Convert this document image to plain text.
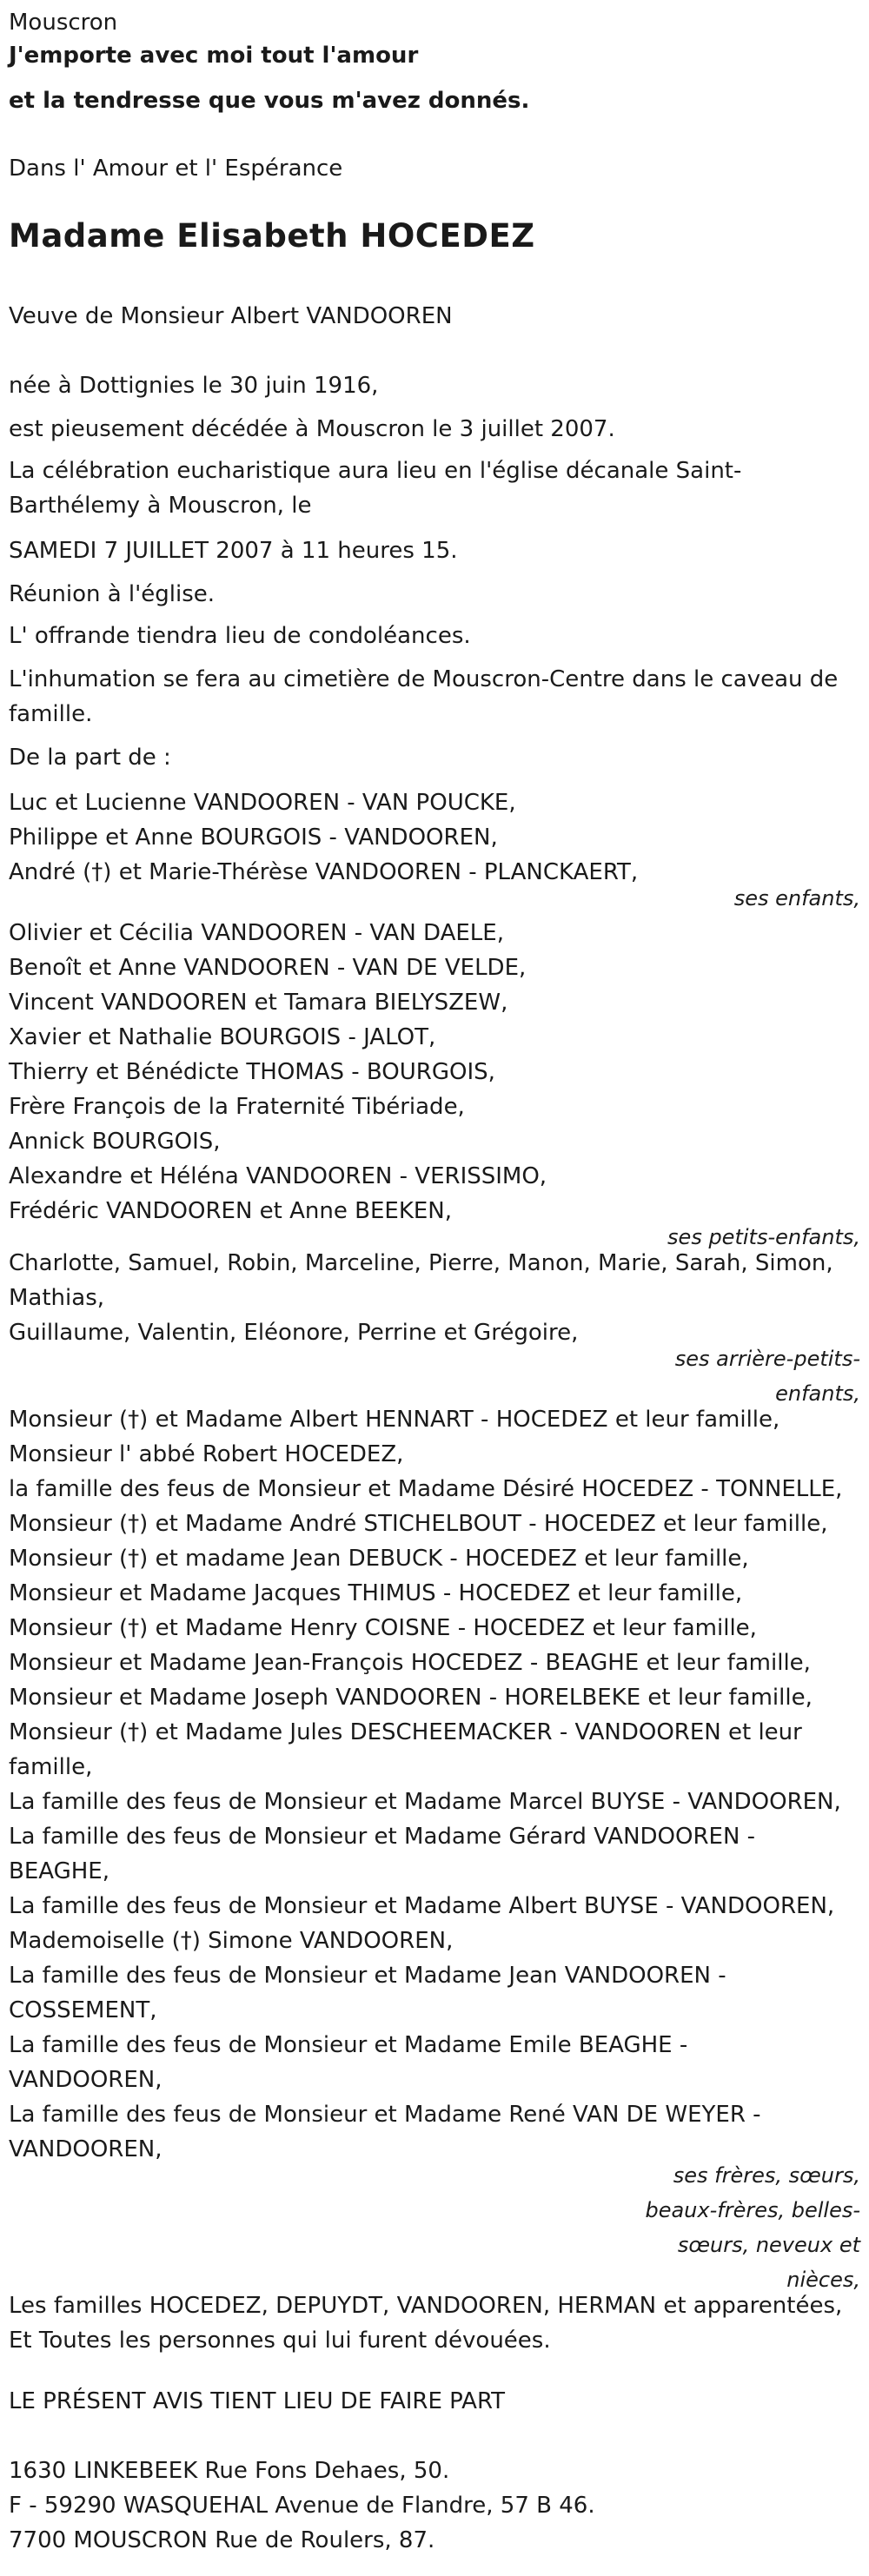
Mouscron

J'emporte avec moi tout l'amour

et la tendresse que vous m'avez donnés.

Dans l' Amour et l' Espérance

Madame Elisabeth HOCEDEZ

Veuve de Monsieur Albert VANDOOREN

née à Dottignies le 30 juin 1916,

est pieusement décédée à Mouscron le 3 juillet 2007.

La célébration eucharistique aura lieu en l'église décanale Saint-

Barthélemy à Mouscron, le

SAMEDI 7 JUILLET 2007 à 11 heures 15.

Réunion à l'église.

L' offrande tiendra lieu de condoléances.

L'inhumation se fera au cimetière de Mouscron-Centre dans le caveau de

famille.

De la part de :

Luc et Lucienne VANDOOREN - VAN POUCKE,

Philippe et Anne BOURGOIS - VANDOOREN,

André (†) et Marie-Thérèse VANDOOREN - PLANCKAERT,

ses enfants,

Olivier et Cécilia VANDOOREN - VAN DAELE,

Benoît et Anne VANDOOREN - VAN DE VELDE,

Vincent VANDOOREN et Tamara BIELYSZEW,

Xavier et Nathalie BOURGOIS - JALOT,

Thierry et Bénédicte THOMAS - BOURGOIS,

Frère François de la Fraternité Tibériade,

Annick BOURGOIS,

Alexandre et Héléna VANDOOREN - VERISSIMO,

Frédéric VANDOOREN et Anne BEEKEN,

ses petits-enfants,

Charlotte, Samuel, Robin, Marceline, Pierre, Manon, Marie, Sarah, Simon,

Mathias,

Guillaume, Valentin, Eléonore, Perrine et Grégoire,

ses arrière-petits-

enfants,

Monsieur (†) et Madame Albert HENNART - HOCEDEZ et leur famille,

Monsieur l' abbé Robert HOCEDEZ,

la famille des feus de Monsieur et Madame Désiré HOCEDEZ - TONNELLE,

Monsieur (†) et Madame André STICHELBOUT - HOCEDEZ et leur famille,

Monsieur (†) et madame Jean DEBUCK - HOCEDEZ et leur famille,

Monsieur et Madame Jacques THIMUS - HOCEDEZ et leur famille,

Monsieur (†) et Madame Henry COISNE - HOCEDEZ et leur famille,

Monsieur et Madame Jean-François HOCEDEZ - BEAGHE et leur famille,

Monsieur et Madame Joseph VANDOOREN - HORELBEKE et leur famille,

Monsieur (†) et Madame Jules DESCHEEMACKER - VANDOOREN et leur

famille,

La famille des feus de Monsieur et Madame Marcel BUYSE - VANDOOREN,

La famille des feus de Monsieur et Madame Gérard VANDOOREN -

BEAGHE,

La famille des feus de Monsieur et Madame Albert BUYSE - VANDOOREN,

Mademoiselle (†) Simone VANDOOREN,

La famille des feus de Monsieur et Madame Jean VANDOOREN -

COSSEMENT,

La famille des feus de Monsieur et Madame Emile BEAGHE -

VANDOOREN,

La famille des feus de Monsieur et Madame René VAN DE WEYER -

VANDOOREN,

ses frères, sœurs,

beaux-frères, belles-

sœurs, neveux et

nièces,

Les familles HOCEDEZ, DEPUYDT, VANDOOREN, HERMAN et apparentées,

Et Toutes les personnes qui lui furent dévouées.

LE PRÉSENT AVIS TIENT LIEU DE FAIRE PART

1630 LINKEBEEK Rue Fons Dehaes, 50.

F - 59290 WASQUEHAL Avenue de Flandre, 57 B 46.

7700 MOUSCRON Rue de Roulers, 87.
